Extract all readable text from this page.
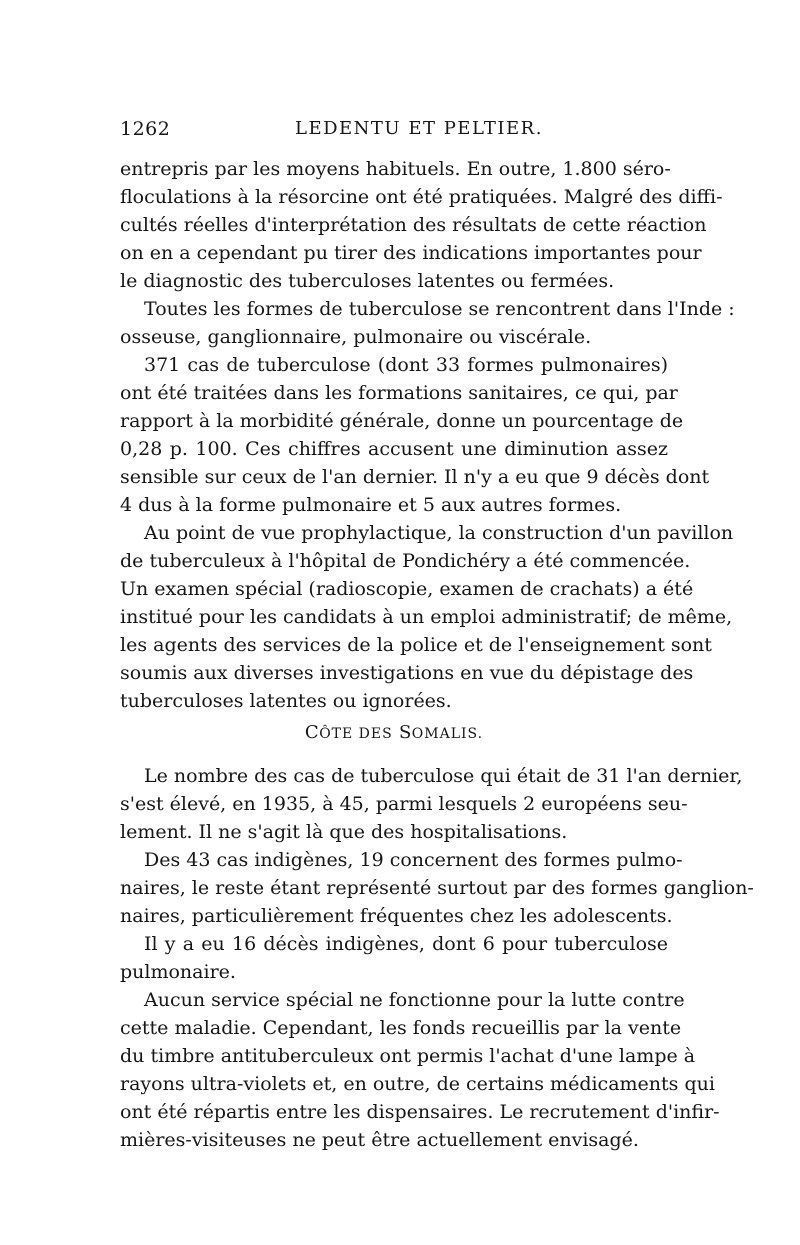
1262	LEDENTU ET PELTIER.
entrepris par les moyens habituels. En outre, 1.800 séro-
floculations à la résorcine ont été pratiquées. Malgré des diffi-
cultés réelles d'interprétation des résultats de cette réaction
on en a cependant pu tirer des indications importantes pour
le diagnostic des tuberculoses latentes ou fermées.
Toutes les formes de tuberculose se rencontrent dans l'Inde :
osseuse, ganglionnaire, pulmonaire ou viscérale.
371 cas de tuberculose (dont 33 formes pulmonaires)
ont été traitées dans les formations sanitaires, ce qui, par
rapport à la morbidité générale, donne un pourcentage de
0,28 p. 100. Ces chiffres accusent une diminution assez
sensible sur ceux de l'an dernier. Il n'y a eu que 9 décès dont
4 dus à la forme pulmonaire et 5 aux autres formes.
Au point de vue prophylactique, la construction d'un pavillon
de tuberculeux à l'hôpital de Pondichéry a été commencée.
Un examen spécial (radioscopie, examen de crachats) a été
institué pour les candidats à un emploi administratif; de même,
les agents des services de la police et de l'enseignement sont
soumis aux diverses investigations en vue du dépistage des
tuberculoses latentes ou ignorées.
CÔTE DES SOMALIS.
Le nombre des cas de tuberculose qui était de 31 l'an dernier,
s'est élevé, en 1935, à 45, parmi lesquels 2 européens seu-
lement. Il ne s'agit là que des hospitalisations.
Des 43 cas indigènes, 19 concernent des formes pulmo-
naires, le reste étant représenté surtout par des formes ganglion-
naires, particulièrement fréquentes chez les adolescents.
Il y a eu 16 décès indigènes, dont 6 pour tuberculose
pulmonaire.
Aucun service spécial ne fonctionne pour la lutte contre
cette maladie. Cependant, les fonds recueillis par la vente
du timbre antituberculeux ont permis l'achat d'une lampe à
rayons ultra-violets et, en outre, de certains médicaments qui
ont été répartis entre les dispensaires. Le recrutement d'infir-
mières-visiteuses ne peut être actuellement envisagé.
